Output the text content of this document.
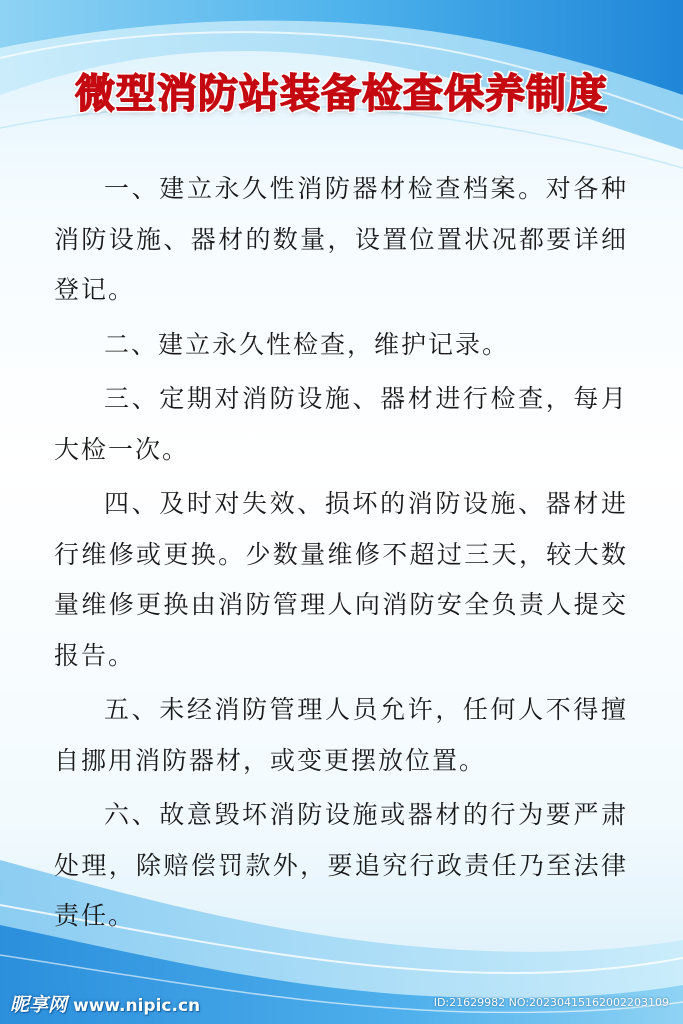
微型消防站装备检查保养制度

一、建立永久性消防器材检查档案。对各种消防设施、器材的数量，设置位置状况都要详细登记。

二、建立永久性检查，维护记录。

三、定期对消防设施、器材进行检查，每月大检一次。

四、及时对失效、损坏的消防设施、器材进行维修或更换。少数量维修不超过三天，较大数量维修更换由消防管理人向消防安全负责人提交报告。

五、未经消防管理人员允许，任何人不得擅自挪用消防器材，或变更摆放位置。

六、故意毁坏消防设施或器材的行为要严肃处理，除赔偿罚款外，要追究行政责任乃至法律责任。

昵享网 www.nipic.cn	ID:21629982 NO:20230415162002203109
